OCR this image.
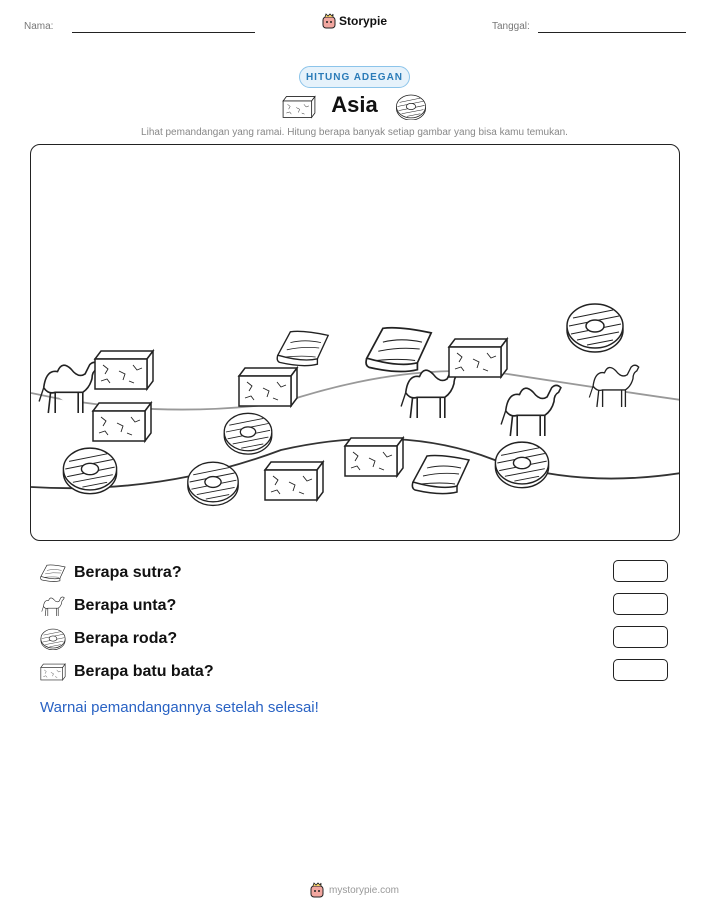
Nama:	Storypie	Tanggal:
HITUNG ADEGAN
Asia
Lihat pemandangan yang ramai. Hitung berapa banyak setiap gambar yang bisa kamu temukan.
Berapa sutra?
Berapa unta?
Berapa roda?
Berapa batu bata?
Warnai pemandangannya setelah selesai!
mystorypie.com
